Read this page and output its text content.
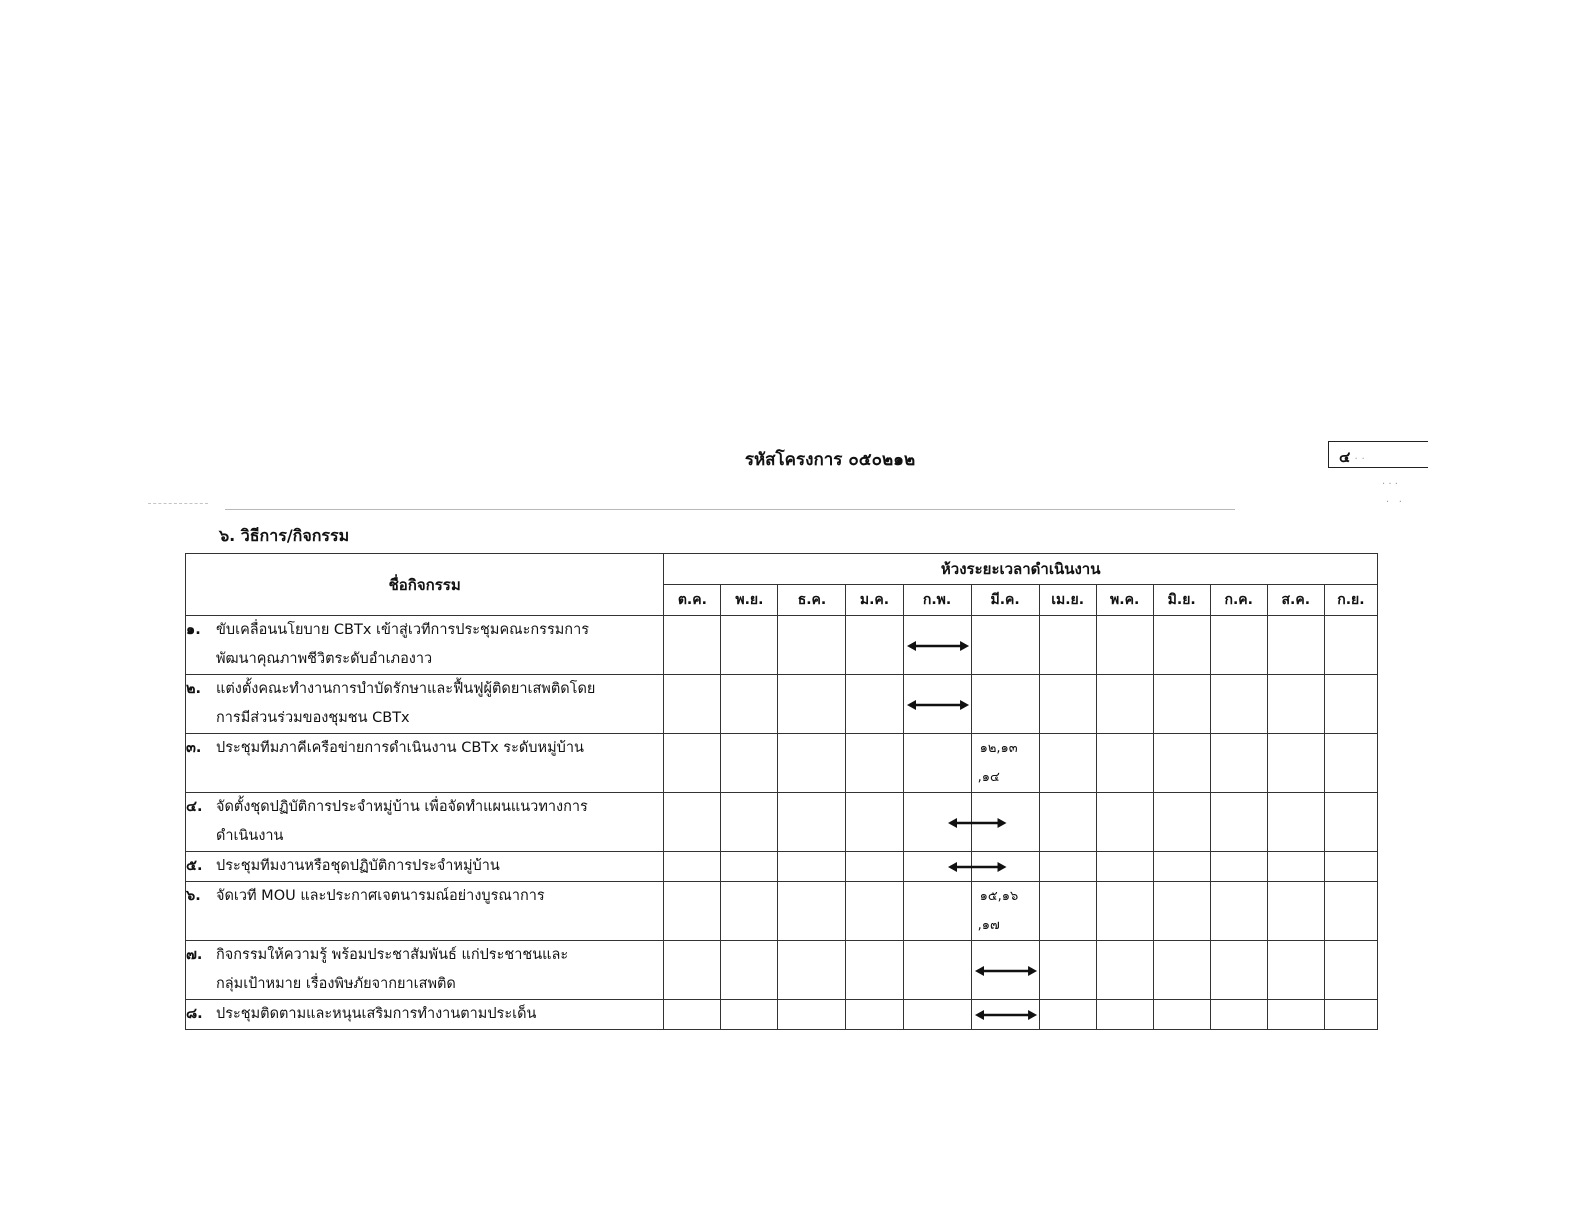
รหัสโครงการ ๐๕๐๒๑๒	๔ · ·
· · ·
·   ·
๖. วิธีการ/กิจกรรม
ชื่อกิจกรรม	ห้วงระยะเวลาดำเนินงาน											
	ต.ค.	พ.ย.	ธ.ค.	ม.ค.	ก.พ.	มี.ค.	เม.ย.	พ.ค.	มิ.ย.	ก.ค.	ส.ค.	ก.ย.

๑. ขับเคลื่อนนโยบาย CBTx เข้าสู่เวทีการประชุมคณะกรรมการ
พัฒนาคุณภาพชีวิตระดับอำเภองาว

๒. แต่งตั้งคณะทำงานการบำบัดรักษาและฟื้นฟูผู้ติดยาเสพติดโดย
การมีส่วนร่วมของชุมชน CBTx

๓. ประชุมทีมภาคีเครือข่ายการดำเนินงาน CBTx ระดับหมู่บ้าน						๑๒,๑๓
,๑๔						

๔. จัดตั้งชุดปฏิบัติการประจำหมู่บ้าน เพื่อจัดทำแผนแนวทางการ
ดำเนินงาน

๕. ประชุมทีมงานหรือชุดปฏิบัติการประจำหมู่บ้าน

๖. จัดเวที MOU และประกาศเจตนารมณ์อย่างบูรณาการ						๑๕,๑๖
,๑๗						

๗. กิจกรรมให้ความรู้ พร้อมประชาสัมพันธ์ แก่ประชาชนและ
กลุ่มเป้าหมาย เรื่องพิษภัยจากยาเสพติด

๘. ประชุมติดตามและหนุนเสริมการทำงานตามประเด็น
